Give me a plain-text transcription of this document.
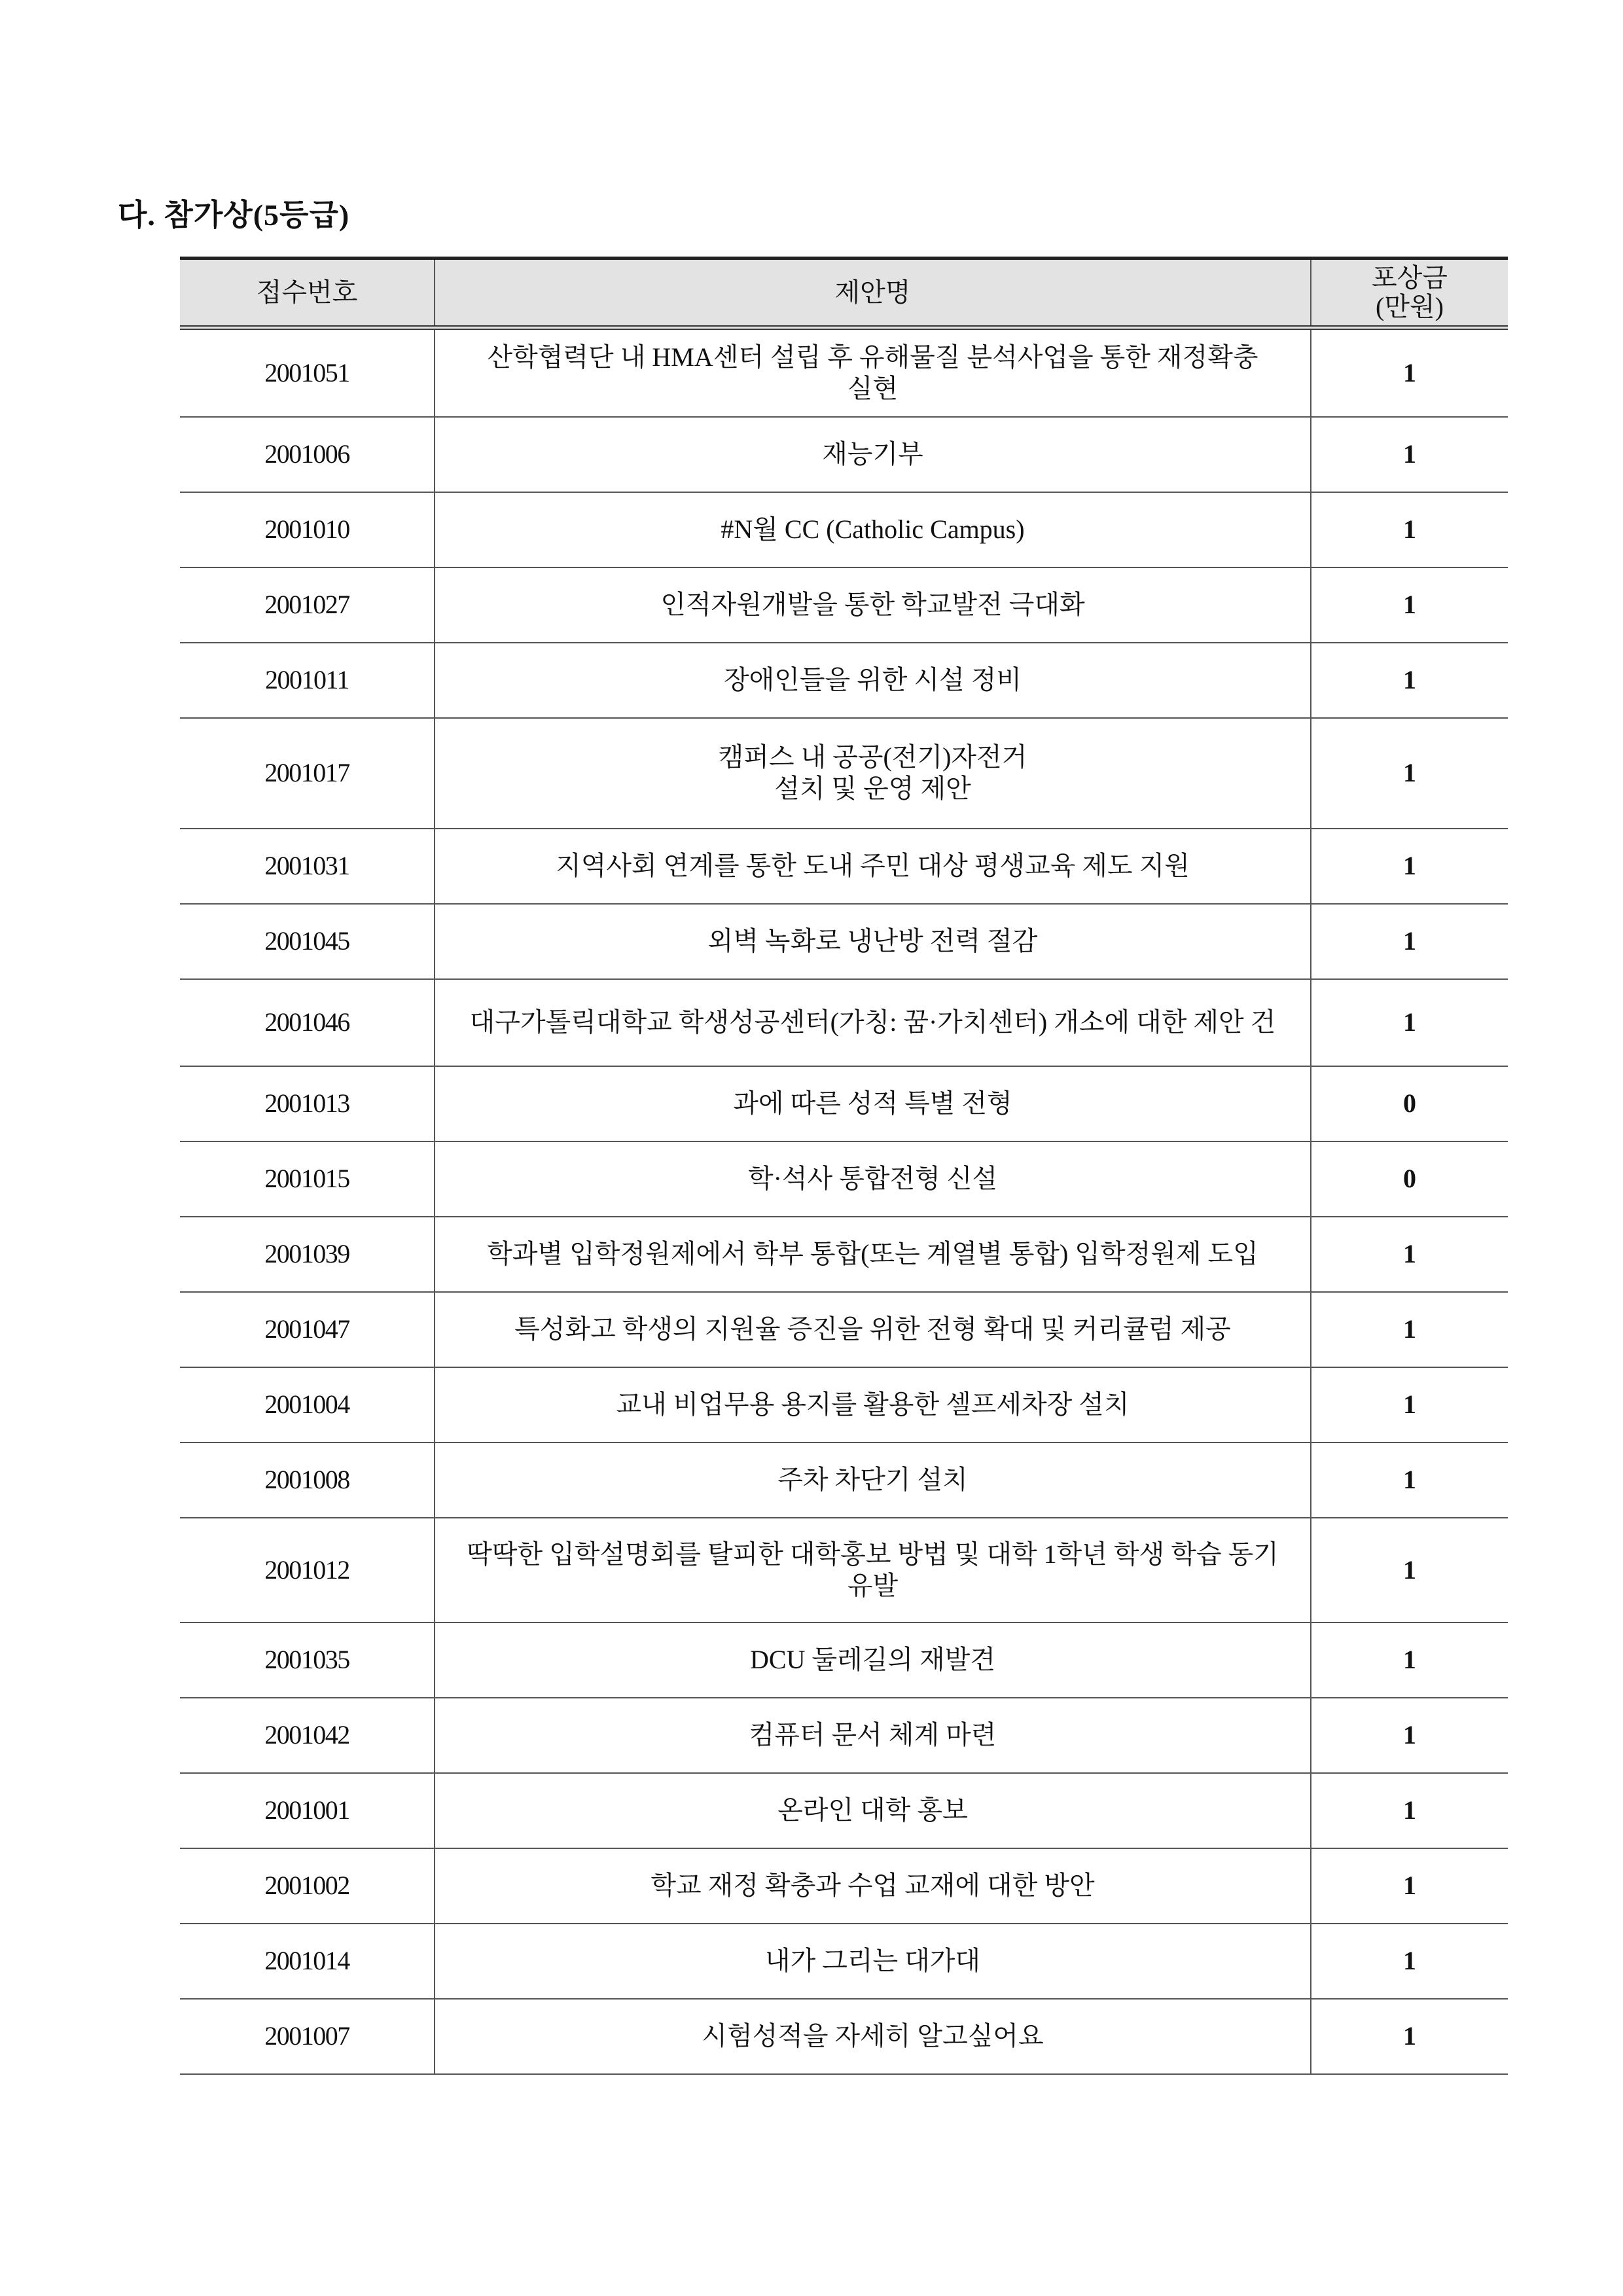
다. 참가상(5등급)
접수번호	제안명	포상금
(만원)
2001051	산학협력단 내 HMA센터 설립 후 유해물질 분석사업을 통한 재정확충
실현	1
2001006	재능기부	1
2001010	#N월 CC (Catholic Campus)	1
2001027	인적자원개발을 통한 학교발전 극대화	1
2001011	장애인들을 위한 시설 정비	1
2001017	캠퍼스 내 공공(전기)자전거
설치 및 운영 제안	1
2001031	지역사회 연계를 통한 도내 주민 대상 평생교육 제도 지원	1
2001045	외벽 녹화로 냉난방 전력 절감	1
2001046	대구가톨릭대학교 학생성공센터(가칭: 꿈·가치센터) 개소에 대한 제안 건	1
2001013	과에 따른 성적 특별 전형	0
2001015	학·석사 통합전형 신설	0
2001039	학과별 입학정원제에서 학부 통합(또는 계열별 통합) 입학정원제 도입	1
2001047	특성화고 학생의 지원율 증진을 위한 전형 확대 및 커리큘럼 제공	1
2001004	교내 비업무용 용지를 활용한 셀프세차장 설치	1
2001008	주차 차단기 설치	1
2001012	딱딱한 입학설명회를 탈피한 대학홍보 방법 및 대학 1학년 학생 학습 동기
유발	1
2001035	DCU 둘레길의 재발견	1
2001042	컴퓨터 문서 체계 마련	1
2001001	온라인 대학 홍보	1
2001002	학교 재정 확충과 수업 교재에 대한 방안	1
2001014	내가 그리는 대가대	1
2001007	시험성적을 자세히 알고싶어요	1
